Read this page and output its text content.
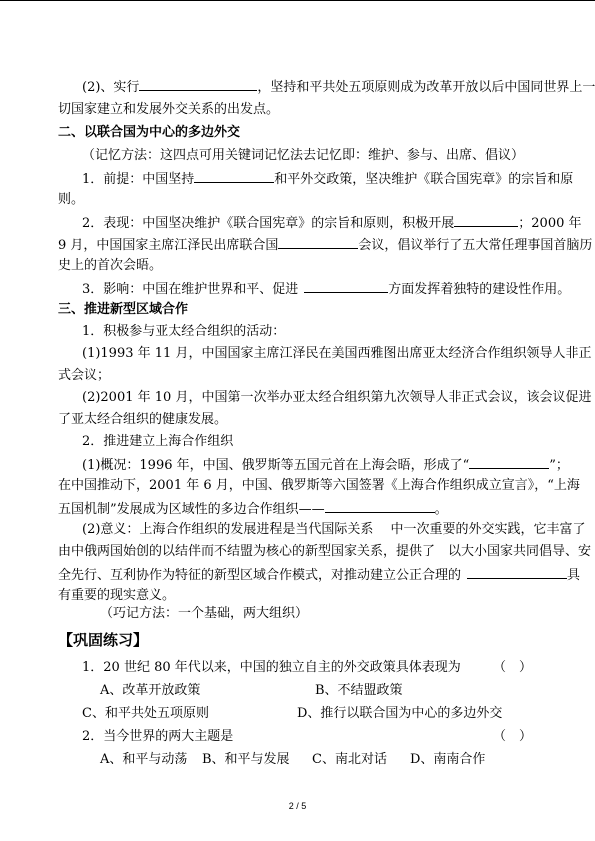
(2)、实行	，坚持和平共处五项原则成为改革开放以后中国同世界上一
切国家建立和发展外交关系的出发点。
二、以联合国为中心的多边外交
（记忆方法：这四点可用关键词记忆法去记忆即：维护、参与、出席、倡议）
1．前提：中国坚持	和平外交政策，坚决维护《联合国宪章》的宗旨和原
则。
2．表现：中国坚决维护《联合国宪章》的宗旨和原则，积极开展	；2000 年
9 月，中国国家主席江泽民出席联合国	会议，倡议举行了五大常任理事国首脑历
史上的首次会晤。
3．影响：中国在维护世界和平、促进	方面发挥着独特的建设性作用。
三、推进新型区域合作
1．积极参与亚太经合组织的活动：
(1)1993 年 11 月，中国国家主席江泽民在美国西雅图出席亚太经济合作组织领导人非正
式会议；
(2)2001 年 10 月，中国第一次举办亚太经合组织第九次领导人非正式会议，该会议促进
了亚太经合组织的健康发展。
2．推进建立上海合作组织
(1)概况：1996 年，中国、俄罗斯等五国元首在上海会晤，形成了“	”；
在中国推动下，2001 年 6 月，中国、俄罗斯等六国签署《上海合作组织成立宣言》，“上海
五国机制”发展成为区域性的多边合作组织——	。
(2)意义：上海合作组织的发展进程是当代国际关系　 中一次重要的外交实践，它丰富了
由中俄两国始创的以结伴而不结盟为核心的新型国家关系，提供了　以大小国家共同倡导、安
全先行、互利协作为特征的新型区域合作模式，对推动建立公正合理的	具
有重要的现实意义。
（巧记方法：一个基础，两大组织）
【巩固练习】
1．20 世纪 80 年代以来，中国的独立自主的外交政策具体表现为 （　）
A、改革开放政策	B、不结盟政策
C、和平共处五项原则	D、推行以联合国为中心的多边外交
2．当今世界的两大主题是	（　）
A、和平与动荡 B、和平与发展 C、南北对话 D、南南合作
2 / 5
